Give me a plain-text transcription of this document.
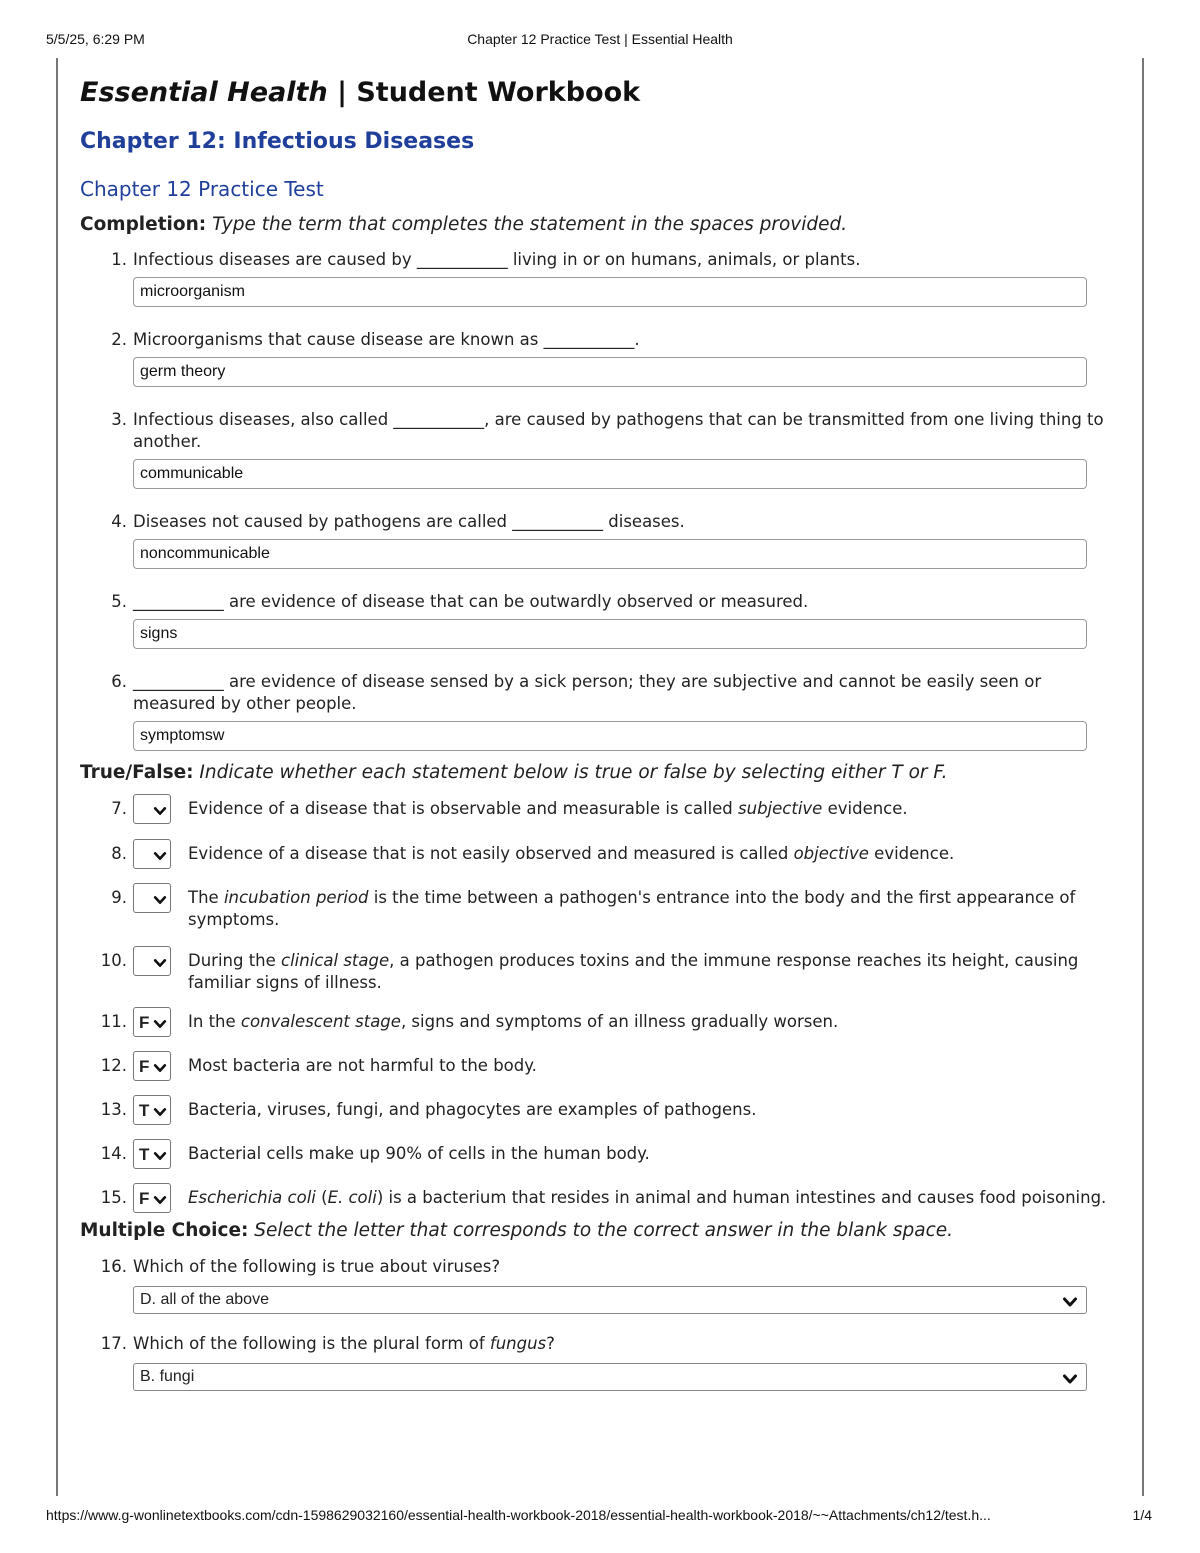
5/5/25, 6:29 PM	Chapter 12 Practice Test | Essential Health
Essential Health | Student Workbook
Chapter 12: Infectious Diseases
Chapter 12 Practice Test
Completion: Type the term that completes the statement in the spaces provided.
1. Infectious diseases are caused by ___________ living in or on humans, animals, or plants.
microorganism
2. Microorganisms that cause disease are known as ___________.
germ theory
3. Infectious diseases, also called ___________, are caused by pathogens that can be transmitted from one living thing to another.
communicable
4. Diseases not caused by pathogens are called ___________ diseases.
noncommunicable
5. ___________ are evidence of disease that can be outwardly observed or measured.
signs
6. ___________ are evidence of disease sensed by a sick person; they are subjective and cannot be easily seen or measured by other people.
symptomsw
True/False: Indicate whether each statement below is true or false by selecting either T or F.
7.	Evidence of a disease that is observable and measurable is called subjective evidence.
8.	Evidence of a disease that is not easily observed and measured is called objective evidence.
9.	The incubation period is the time between a pathogen's entrance into the body and the first appearance of symptoms.
10.	During the clinical stage, a pathogen produces toxins and the immune response reaches its height, causing familiar signs of illness.
11. F In the convalescent stage, signs and symptoms of an illness gradually worsen.
12. F Most bacteria are not harmful to the body.
13. T Bacteria, viruses, fungi, and phagocytes are examples of pathogens.
14. T Bacterial cells make up 90% of cells in the human body.
15. F Escherichia coli (E. coli) is a bacterium that resides in animal and human intestines and causes food poisoning.
Multiple Choice: Select the letter that corresponds to the correct answer in the blank space.
16. Which of the following is true about viruses?
D. all of the above
17. Which of the following is the plural form of fungus?
B. fungi
https://www.g-wonlinetextbooks.com/cdn-1598629032160/essential-health-workbook-2018/essential-health-workbook-2018/~~Attachments/ch12/test.h...	1/4
